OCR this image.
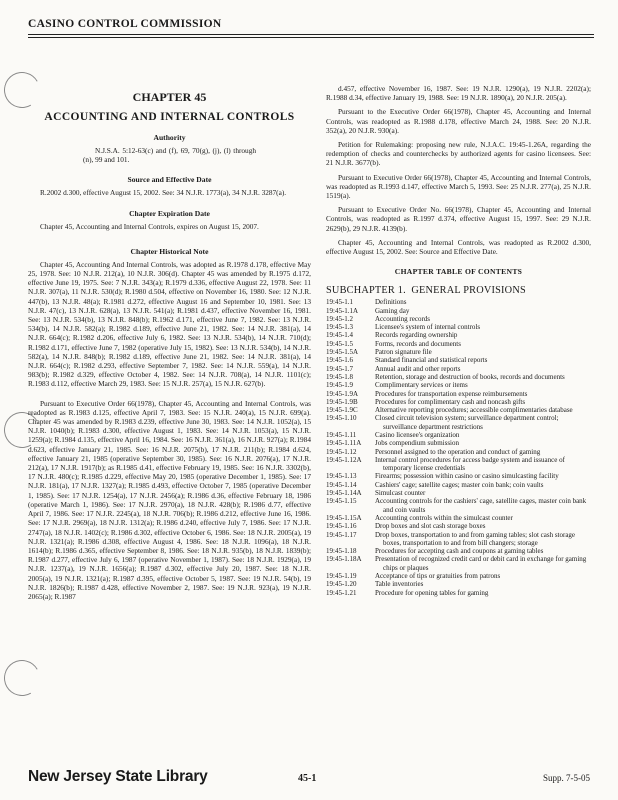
CASINO CONTROL COMMISSION
CHAPTER 45
ACCOUNTING AND INTERNAL CONTROLS
Authority

N.J.S.A. 5:12-63(c) and (f), 69, 70(g), (j), (l) through (n), 99 and 101.

Source and Effective Date

R.2002 d.300, effective August 15, 2002. See: 34 N.J.R. 1773(a), 34 N.J.R. 3287(a).

Chapter Expiration Date

Chapter 45, Accounting and Internal Controls, expires on August 15, 2007.

Chapter Historical Note

Chapter 45, Accounting And Internal Controls, was adopted as R.1978 d.178, effective May 25, 1978. See: 10 N.J.R. 212(a), 10 N.J.R. 306(d). Chapter 45 was amended by R.1975 d.172, effective June 19, 1975. See: 7 N.J.R. 343(a); R.1979 d.336, effective August 22, 1978. See: 11 N.J.R. 307(a), 11 N.J.R. 530(d); R.1980 d.504, effective on November 16, 1980. See: 12 N.J.R. 447(b), 13 N.J.R. 48(a); R.1981 d.272, effective August 16 and September 10, 1981. See: 13 N.J.R. 47(c), 13 N.J.R. 628(a), 13 N.J.R. 541(a); R.1981 d.437, effective November 16, 1981. See: 13 N.J.R. 534(b), 13 N.J.R. 848(b); R.1962 d.171, effective June 7, 1982. See: 13 N.J.R. 534(b), 14 N.J.R. 582(a); R.1982 d.189, effective June 21, 1982. See: 14 N.J.R. 381(a), 14 N.J.R. 664(c); R.1982 d.206, effective July 6, 1982. See: 13 N.J.R. 534(b), 14 N.J.R. 710(d); R.1982 d.171, effective June 7, 1982 (operative July 15, 1982). See: 13 N.J.R. 534(b), 14 N.J.R. 582(a), 14 N.J.R. 848(b); R.1982 d.189, effective June 21, 1982. See: 14 N.J.R. 381(a), 14 N.J.R. 664(c); R.1982 d.293, effective September 7, 1982. See: 14 N.J.R. 559(a), 14 N.J.R. 983(b); R.1982 d.329, effective October 4, 1982. See: 14 N.J.R. 708(a), 14 N.J.R. 1101(c); R.1983 d.112, effective March 29, 1983. See: 15 N.J.R. 257(a), 15 N.J.R. 627(b).

Pursuant to Executive Order 66(1978), Chapter 45, Accounting and Internal Controls, was readopted as R.1983 d.125, effective April 7, 1983. See: 15 N.J.R. 240(a), 15 N.J.R. 699(a). Chapter 45 was amended by R.1983 d.239, effective June 30, 1983. See: 14 N.J.R. 1052(a), 15 N.J.R. 1040(b); R.1983 d.300, effective August 1, 1983. See: 14 N.J.R. 1053(a), 15 N.J.R. 1259(a); R.1984 d.135, effective April 16, 1984. See: 16 N.J.R. 361(a), 16 N.J.R. 927(a); R.1984 d.623, effective January 21, 1985. See: 16 N.J.R. 2075(b), 17 N.J.R. 211(b); R.1984 d.624, effective January 21, 1985 (operative September 30, 1985). See: 16 N.J.R. 2076(a), 17 N.J.R. 212(a), 17 N.J.R. 1917(b); as R.1985 d.41, effective February 19, 1985. See: 16 N.J.R. 3302(b), 17 N.J.R. 480(c); R.1985 d.229, effective May 20, 1985 (operative December 1, 1985). See: 17 N.J.R. 181(a), 17 N.J.R. 1327(a); R.1985 d.493, effective October 7, 1985 (operative December 1, 1985). See: 17 N.J.R. 1254(a), 17 N.J.R. 2456(a); R.1986 d.36, effective February 18, 1986 (operative March 1, 1986). See: 17 N.J.R. 2970(a), 18 N.J.R. 428(b); R.1986 d.77, effective April 7, 1986. See: 17 N.J.R. 2245(a), 18 N.J.R. 706(b); R.1986 d.212, effective June 16, 1986. See: 17 N.J.R. 2969(a), 18 N.J.R. 1312(a); R.1986 d.240, effective July 7, 1986. See: 17 N.J.R. 2747(a), 18 N.J.R. 1402(c); R.1986 d.302, effective October 6, 1986. See: 18 N.J.R. 2005(a), 19 N.J.R. 1321(a); R.1986 d.308, effective August 4, 1986. See: 18 N.J.R. 1096(a), 18 N.J.R. 1614(b); R.1986 d.365, effective September 8, 1986. See: 18 N.J.R. 935(b), 18 N.J.R. 1839(b); R.1987 d.277, effective July 6, 1987 (operative November 1, 1987). See: 18 N.J.R. 1929(a), 19 N.J.R. 1237(a), 19 N.J.R. 1656(a); R.1987 d.302, effective July 20, 1987. See: 18 N.J.R. 2005(a), 19 N.J.R. 1321(a); R.1987 d.395, effective October 5, 1987. See: 19 N.J.R. 54(b), 19 N.J.R. 1826(b); R.1987 d.428, effective November 2, 1987. See: 19 N.J.R. 923(a), 19 N.J.R. 2065(a); R.1987

d.457, effective November 16, 1987. See: 19 N.J.R. 1290(a), 19 N.J.R. 2202(a); R.1988 d.34, effective January 19, 1988. See: 19 N.J.R. 1890(a), 20 N.J.R. 205(a).

Pursuant to the Executive Order 66(1978), Chapter 45, Accounting and Internal Controls, was readopted as R.1988 d.178, effective March 24, 1988. See: 20 N.J.R. 352(a), 20 N.J.R. 930(a).

Petition for Rulemaking: proposing new rule, N.J.A.C. 19:45-1.26A, regarding the redemption of checks and counterchecks by authorized agents for casino licensees. See: 21 N.J.R. 3677(b).

Pursuant to Executive Order 66(1978), Chapter 45, Accounting and Internal Controls, was readopted as R.1993 d.147, effective March 5, 1993. See: 25 N.J.R. 277(a), 25 N.J.R. 1519(a).

Pursuant to Executive Order No. 66(1978), Chapter 45, Accounting and Internal Controls, was readopted as R.1997 d.374, effective August 15, 1997. See: 29 N.J.R. 2629(b), 29 N.J.R. 4139(b).

Chapter 45, Accounting and Internal Controls, was readopted as R.2002 d.300, effective August 15, 2002. See: Source and Effective Date.

CHAPTER TABLE OF CONTENTS
SUBCHAPTER 1.  GENERAL PROVISIONS
19:45-1.1	Definitions
19:45-1.1A	Gaming day
19:45-1.2	Accounting records
19:45-1.3	Licensee's system of internal controls
19:45-1.4	Records regarding ownership
19:45-1.5	Forms, records and documents
19:45-1.5A	Patron signature file
19:45-1.6	Standard financial and statistical reports
19:45-1.7	Annual audit and other reports
19:45-1.8	Retention, storage and destruction of books, records and documents
19:45-1.9	Complimentary services or items
19:45-1.9A	Procedures for transportation expense reimbursements
19:45-1.9B	Procedures for complimentary cash and noncash gifts
19:45-1.9C	Alternative reporting procedures; accessible complimentaries database
19:45-1.10	Closed circuit television system; surveillance department control; surveillance department restrictions
19:45-1.11	Casino licensee's organization
19:45-1.11A	Jobs compendium submission
19:45-1.12	Personnel assigned to the operation and conduct of gaming
19:45-1.12A	Internal control procedures for access badge system and issuance of temporary license credentials
19:45-1.13	Firearms; possession within casino or casino simulcasting facility
19:45-1.14	Cashiers' cage; satellite cages; master coin bank; coin vaults
19:45-1.14A	Simulcast counter
19:45-1.15	Accounting controls for the cashiers' cage, satellite cages, master coin bank and coin vaults
19:45-1.15A	Accounting controls within the simulcast counter
19:45-1.16	Drop boxes and slot cash storage boxes
19:45-1.17	Drop boxes, transportation to and from gaming tables; slot cash storage boxes, transportation to and from bill changers; storage
19:45-1.18	Procedures for accepting cash and coupons at gaming tables
19:45-1.18A	Presentation of recognized credit card or debit card in exchange for gaming chips or plaques
19:45-1.19	Acceptance of tips or gratuities from patrons
19:45-1.20	Table inventories
19:45-1.21	Procedure for opening tables for gaming
New Jersey State Library	45-1	Supp. 7-5-05
